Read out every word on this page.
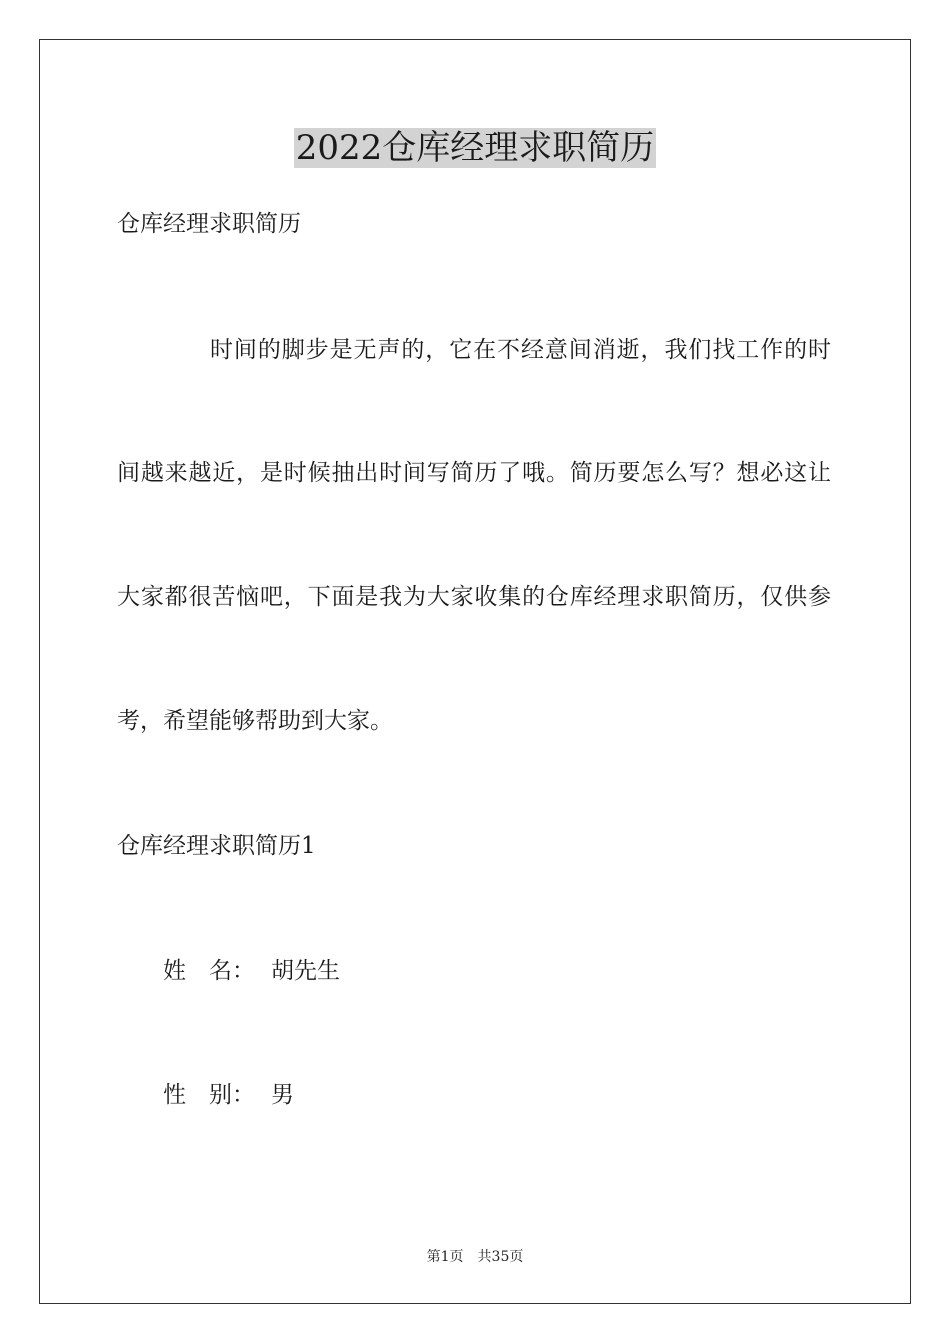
2022仓库经理求职简历
仓库经理求职简历
时间的脚步是无声的，它在不经意间消逝，我们找工作的时
间越来越近，是时候抽出时间写简历了哦。简历要怎么写？想必这让
大家都很苦恼吧，下面是我为大家收集的仓库经理求职简历，仅供参
考，希望能够帮助到大家。
仓库经理求职简历1
姓　名： 胡先生
性　别： 男
第1页　共35页
